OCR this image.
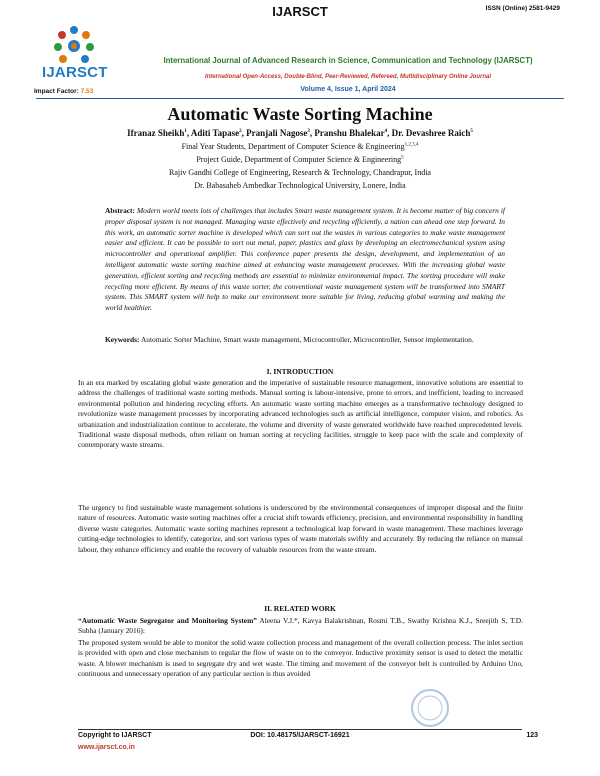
IJARSCT	ISSN (Online) 2581-9429
IJARSCT
Impact Factor: 7.53
International Journal of Advanced Research in Science, Communication and Technology (IJARSCT)
International Open-Access, Double-Blind, Peer-Reviewed, Refereed, Multidisciplinary Online Journal
Volume 4, Issue 1, April 2024
Automatic Waste Sorting Machine
Ifranaz Sheikh$^1$, Aditi Tapase$^2$, Pranjali Nagose$^3$, Pranshu Bhalekar$^4$, Dr. Devashree Raich$^5$
Final Year Students, Department of Computer Science & Engineering$^{1,2,3,4}$
Project Guide, Department of Computer Science & Engineering$^5$
Rajiv Gandhi College of Engineering, Research & Technology, Chandrapur, India
Dr. Babasaheb Ambedkar Technological University, Lonere, India
Abstract: Modern world meets lots of challenges that includes Smart waste management system. It is become matter of big concern if proper disposal system is not managed. Managing waste effectively and recycling efficiently, a nation can ahead one step forward. In this work, an automatic sorter machine is developed which can sort out the wastes in various categories to make waste management easier and efficient. It can be possible to sort out metal, paper, plastics and glass by developing an electromechanical system using microcontroller and operational amplifier. This conference paper presents the design, development, and implementation of an intelligent automatic waste sorting machine aimed at enhancing waste management processes. With the increasing global waste generation, efficient sorting and recycling methods are essential to minimize environmental impact. The sorting procedure will make recycling more efficient. By means of this waste sorter, the conventional waste management system will be transformed into SMART system. This SMART system will help to make our environment more suitable for living, reducing global warming and making the world healthier.
Keywords: Automatic Sorter Machine, Smart waste management, Microcontroller, Microcontroller, Sensor implementation.
I. INTRODUCTION
In an era marked by escalating global waste generation and the imperative of sustainable resource management, innovative solutions are essential to address the challenges of traditional waste sorting methods. Manual sorting is labour-intensive, prone to errors, and inefficient, leading to increased environmental pollution and hindering recycling efforts. An automatic waste sorting machine emerges as a transformative technology designed to revolutionize waste management processes by incorporating advanced technologies such as artificial intelligence, computer vision, and robotics. As urbanization and industrialization continue to accelerate, the volume and diversity of waste generated worldwide have reached unprecedented levels. Traditional waste disposal methods, often reliant on human sorting at recycling facilities, struggle to keep pace with the scale and complexity of contemporary waste streams.
The urgency to find sustainable waste management solutions is underscored by the environmental consequences of improper disposal and the finite nature of resources. Automatic waste sorting machines offer a crucial shift towards efficiency, precision, and environmental responsibility in handling diverse waste categories. Automatic waste sorting machines represent a technological leap forward in waste management. These machines leverage cutting-edge technologies to identify, categorize, and sort various types of waste materials swiftly and accurately. By reducing the reliance on manual labour, they enhance efficiency and enable the recovery of valuable resources from the waste stream.
II. RELATED WORK
“Automatic Waste Segregator and Monitoring System” Aleena V.J.*, Kavya Balakrishnan, Rosmi T.B., Swathy Krishna K.J., Sreejith S, T.D. Subha (January 2016):
The proposed system would be able to monitor the solid waste collection process and management of the overall collection process. The inlet section is provided with open and close mechanism to regular the flow of waste on to the conveyor. Inductive proximity sensor is used to detect the metallic waste. A blower mechanism is used to segregate dry and wet waste. The timing and movement of the conveyor belt is controlled by Arduino Uno, continuous and unnecessary operation of any particular section is thus avoided
Copyright to IJARSCT
www.ijarsct.co.in
DOI: 10.48175/IJARSCT-16921	123
